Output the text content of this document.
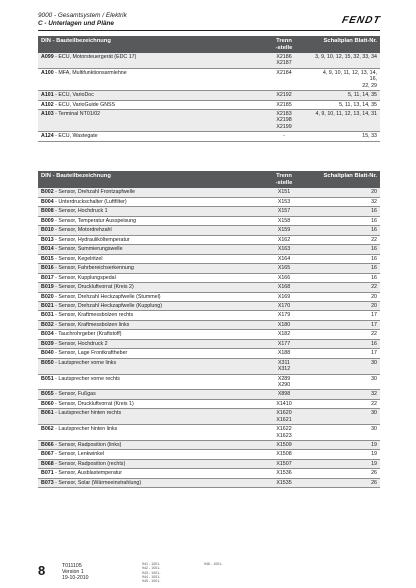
9000 - Gesamtsystem / Elektrik
C - Unterlagen und Pläne	FENDT
DIN - Bauteilbezeichnung	Trenn
-stelle	Schaltplan Blatt-Nr.
A099 - ECU, Motorsteuergerät (EDC 17)	X2186
X2187	3, 9, 10, 12, 15, 32, 33, 34
A100 - MFA, Multifunktionsarmlehne	X2184	4, 9, 10, 11, 12, 13, 14, 16,
22, 29
A101 - ECU, VarioDoc	X2192	5, 11, 14, 35
A102 - ECU, VarioGuide GNSS	X2185	5, 11, 13, 14, 35
A103 - Terminal NT01/02	X2183
X2198
X2199	4, 9, 10, 11, 12, 13, 14, 31
A124 - ECU, Wastegate	-	15, 33
DIN - Bauteilbezeichnung	Trenn
-stelle	Schaltplan Blatt-Nr.
B002 - Sensor, Drehzahl Frontzapfwelle	X151	20
B004 - Unterdruckschalter (Luftfilter)	X153	32
B008 - Sensor, Hochdruck 1	X157	16
B009 - Sensor, Temperatur Ausspeisung	X158	16
B010 - Sensor, Motordrehzahl	X159	16
B013 - Sensor, Hydrauliköltemperatur	X162	22
B014 - Sensor, Summierungswelle	X163	16
B015 - Sensor, Kegelritzel	X164	16
B016 - Sensor, Fahrbereichserkennung	X165	16
B017 - Sensor, Kupplungspedal	X166	16
B019 - Sensor, Druckluftvorrat (Kreis 2)	X168	22
B020 - Sensor, Drehzahl Heckzapfwelle (Stummel)	X169	20
B021 - Sensor, Drehzahl Heckzapfwelle (Kupplung)	X170	20
B031 - Sensor, Kraftmessbolzen rechts	X179	17
B032 - Sensor, Kraftmessbolzen links	X180	17
B034 - Tauchrohrgeber (Kraftstoff)	X182	22
B039 - Sensor, Hochdruck 2	X177	16
B040 - Sensor, Lage Frontkraftheber	X188	17
B050 - Lautsprecher vorne links	X311
X312	30
B051 - Lautsprecher vorne rechts	X289
X290	30
B055 - Sensor, Fußgas	X898	32
B060 - Sensor, Druckluftvorrat (Kreis 1)	X1410	22
B061 - Lautsprecher hinten rechts	X1620
X1621	30
B062 - Lautsprecher hinten links	X1622
X1623	30
B066 - Sensor, Radposition (links)	X1509	19
B067 - Sensor, Lenkwinkel	X1508	19
B068 - Sensor, Radposition (rechts)	X1507	19
B071 - Sensor, Ausblastemperatur	X1536	26
B073 - Sensor, Solar (Wärmeeinstrahlung)	X1535	26
8	T011105
Version 1
19-10-2010
941 - 1001-
942 - 1001-
943 - 1001-
944 - 1001-
945 - 1001-
946 - 1001-
